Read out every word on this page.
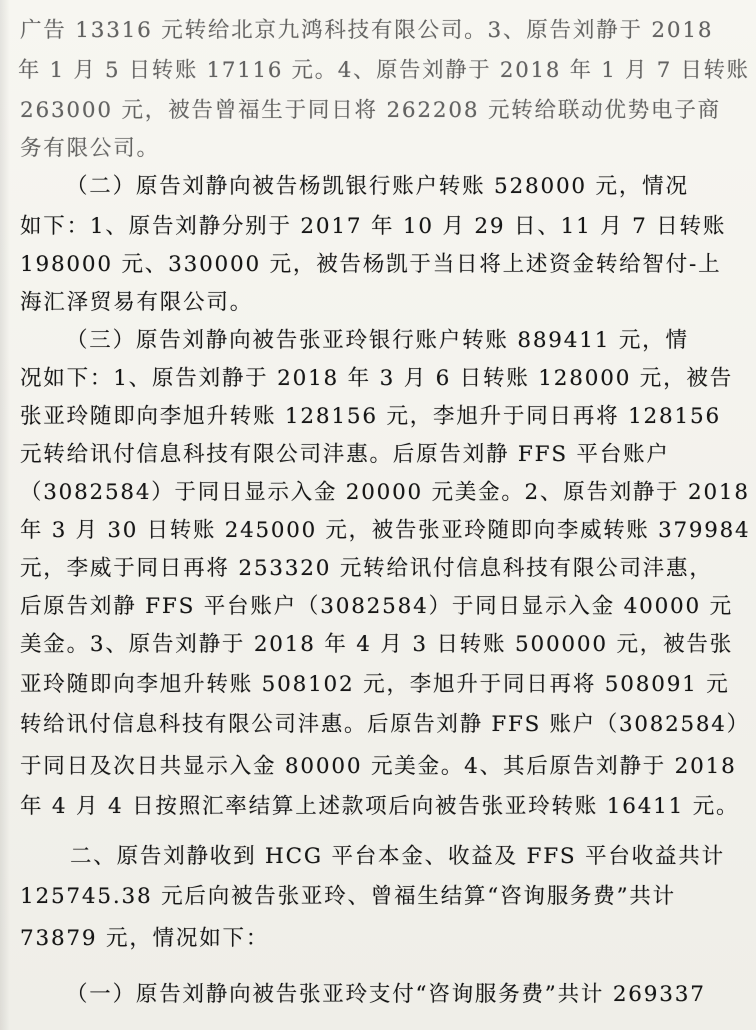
广告 13316 元转给北京九鸿科技有限公司。3、原告刘静于 2018
年 1 月 5 日转账 17116 元。4、原告刘静于 2018 年 1 月 7 日转账
263000 元，被告曾福生于同日将 262208 元转给联动优势电子商
务有限公司。
（二）原告刘静向被告杨凯银行账户转账 528000 元，情况
如下：1、原告刘静分别于 2017 年 10 月 29 日、11 月 7 日转账
198000 元、330000 元，被告杨凯于当日将上述资金转给智付-上
海汇泽贸易有限公司。
（三）原告刘静向被告张亚玲银行账户转账 889411 元，情
况如下：1、原告刘静于 2018 年 3 月 6 日转账 128000 元，被告
张亚玲随即向李旭升转账 128156 元，李旭升于同日再将 128156
元转给讯付信息科技有限公司沣惠。后原告刘静 FFS 平台账户
（3082584）于同日显示入金 20000 元美金。2、原告刘静于 2018
年 3 月 30 日转账 245000 元，被告张亚玲随即向李威转账 379984
元，李威于同日再将 253320 元转给讯付信息科技有限公司沣惠，
后原告刘静 FFS 平台账户（3082584）于同日显示入金 40000 元
美金。3、原告刘静于 2018 年 4 月 3 日转账 500000 元，被告张
亚玲随即向李旭升转账 508102 元，李旭升于同日再将 508091 元
转给讯付信息科技有限公司沣惠。后原告刘静 FFS 账户（3082584）
于同日及次日共显示入金 80000 元美金。4、其后原告刘静于 2018
年 4 月 4 日按照汇率结算上述款项后向被告张亚玲转账 16411 元。
二、原告刘静收到 HCG 平台本金、收益及 FFS 平台收益共计
125745.38 元后向被告张亚玲、曾福生结算“咨询服务费”共计
73879 元，情况如下：
（一）原告刘静向被告张亚玲支付“咨询服务费”共计 269337
